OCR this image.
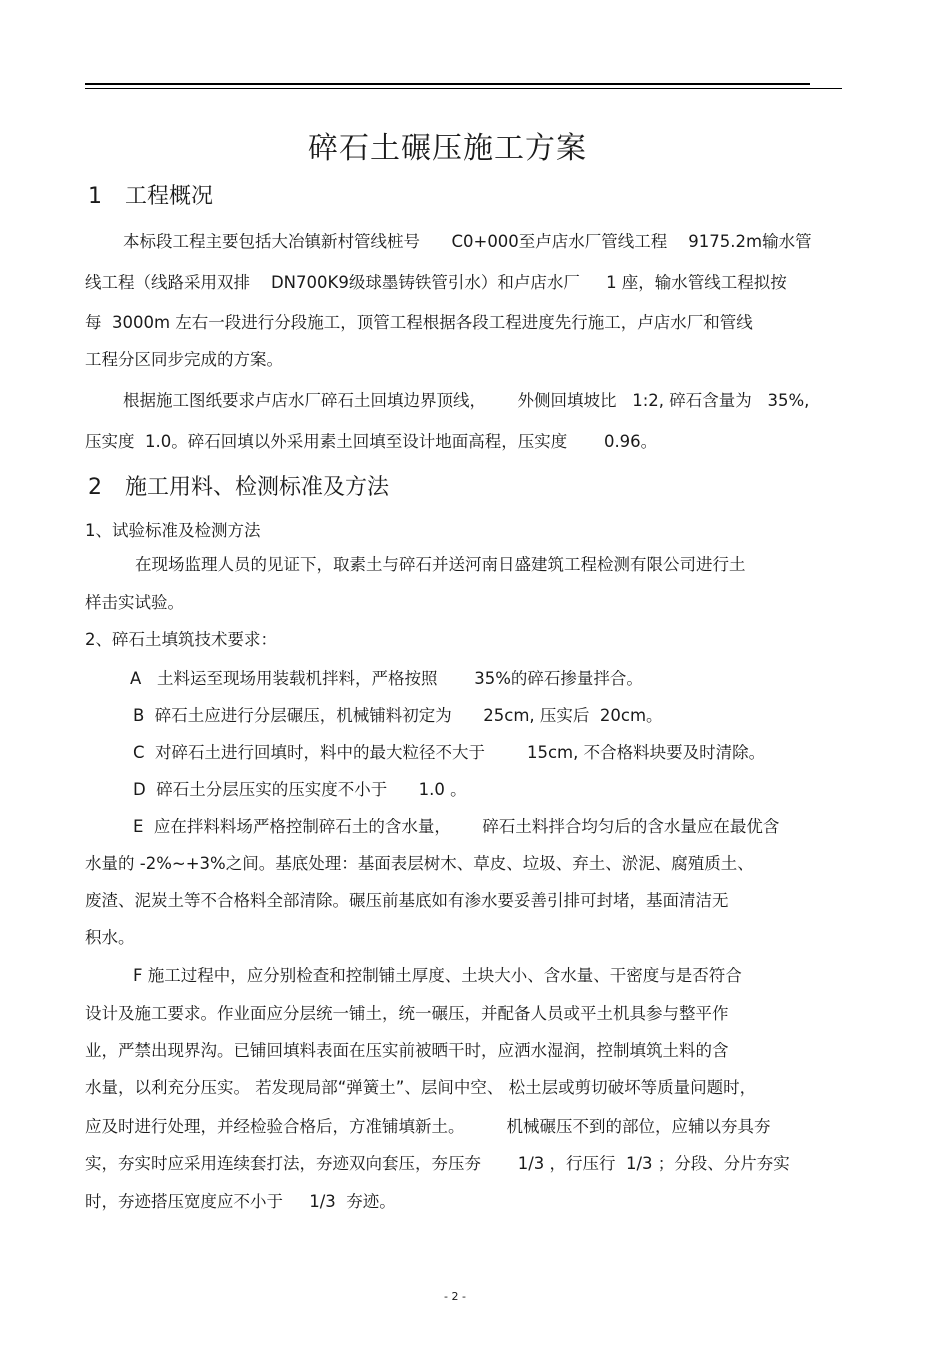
碎石土碾压施工方案
1 工程概况
本标段工程主要包括大冶镇新村管线桩号      C0+000至卢店水厂管线工程    9175.2m输水管
线工程（线路采用双排    DN700K9级球墨铸铁管引水）和卢店水厂     1 座，输水管线工程拟按
每  3000m 左右一段进行分段施工，顶管工程根据各段工程进度先行施工，卢店水厂和管线
工程分区同步完成的方案。
根据施工图纸要求卢店水厂碎石土回填边界顶线，      外侧回填坡比   1:2, 碎石含量为   35%,
压实度  1.0。碎石回填以外采用素土回填至设计地面高程，压实度       0.96。
2 施工用料、检测标准及方法
1、试验标准及检测方法
在现场监理人员的见证下，取素土与碎石并送河南日盛建筑工程检测有限公司进行土
样击实试验。
2、碎石土填筑技术要求：
A   土料运至现场用装载机拌料，严格按照       35%的碎石掺量拌合。
B  碎石土应进行分层碾压，机械铺料初定为      25cm, 压实后  20cm。
C  对碎石土进行回填时，料中的最大粒径不大于        15cm, 不合格料块要及时清除。
D  碎石土分层压实的压实度不小于      1.0 。
E  应在拌料料场严格控制碎石土的含水量，      碎石土料拌合均匀后的含水量应在最优含
水量的 -2%~+3%之间。基底处理：基面表层树木、草皮、垃圾、弃土、淤泥、腐殖质土、
废渣、泥炭土等不合格料全部清除。碾压前基底如有渗水要妥善引排可封堵，基面清洁无
积水。
F 施工过程中，应分别检查和控制铺土厚度、土块大小、含水量、干密度与是否符合
设计及施工要求。作业面应分层统一铺土，统一碾压，并配备人员或平土机具参与整平作
业，严禁出现界沟。已铺回填料表面在压实前被晒干时，应洒水湿润，控制填筑土料的含
水量，以利充分压实。 若发现局部“弹簧土”、层间中空、 松土层或剪切破坏等质量问题时，
应及时进行处理，并经检验合格后，方准铺填新土。        机械碾压不到的部位，应辅以夯具夯
实，夯实时应采用连续套打法，夯迹双向套压，夯压夯       1/3 ，行压行  1/3 ；分段、分片夯实
时，夯迹搭压宽度应不小于     1/3  夯迹。
- 2 -
